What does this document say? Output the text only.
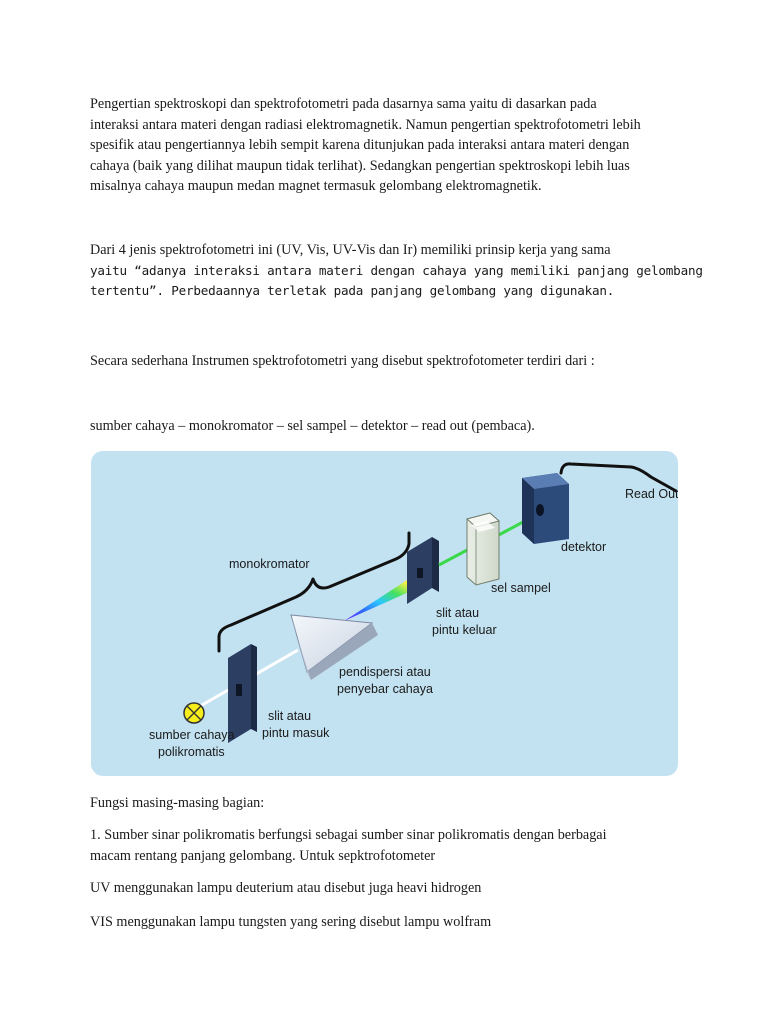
Pengertian spektroskopi dan spektrofotometri pada dasarnya sama yaitu di dasarkan pada
interaksi antara materi dengan radiasi elektromagnetik. Namun pengertian spektrofotometri lebih
spesifik atau pengertiannya lebih sempit karena ditunjukan pada interaksi antara materi dengan
cahaya (baik yang dilihat maupun tidak terlihat). Sedangkan pengertian spektroskopi lebih luas
misalnya cahaya maupun medan magnet termasuk gelombang elektromagnetik.
Dari 4 jenis spektrofotometri ini (UV, Vis, UV-Vis dan Ir) memiliki prinsip kerja yang sama
yaitu “adanya interaksi antara materi dengan cahaya yang memiliki panjang gelombang
tertentu”. Perbedaannya terletak pada panjang gelombang yang digunakan.

Secara sederhana Instrumen spektrofotometri yang disebut spektrofotometer terdiri dari :

sumber cahaya – monokromator – sel sampel – detektor – read out (pembaca).

Read Out
detektor
sel sampel
monokromator
slit atau
pintu keluar
pendispersi atau
penyebar cahaya
slit atau
pintu masuk
sumber cahaya
polikromatis

Fungsi masing-masing bagian:

1. Sumber sinar polikromatis berfungsi sebagai sumber sinar polikromatis dengan berbagai
macam rentang panjang gelombang. Untuk sepktrofotometer

UV menggunakan lampu deuterium atau disebut juga heavi hidrogen

VIS menggunakan lampu tungsten yang sering disebut lampu wolfram
